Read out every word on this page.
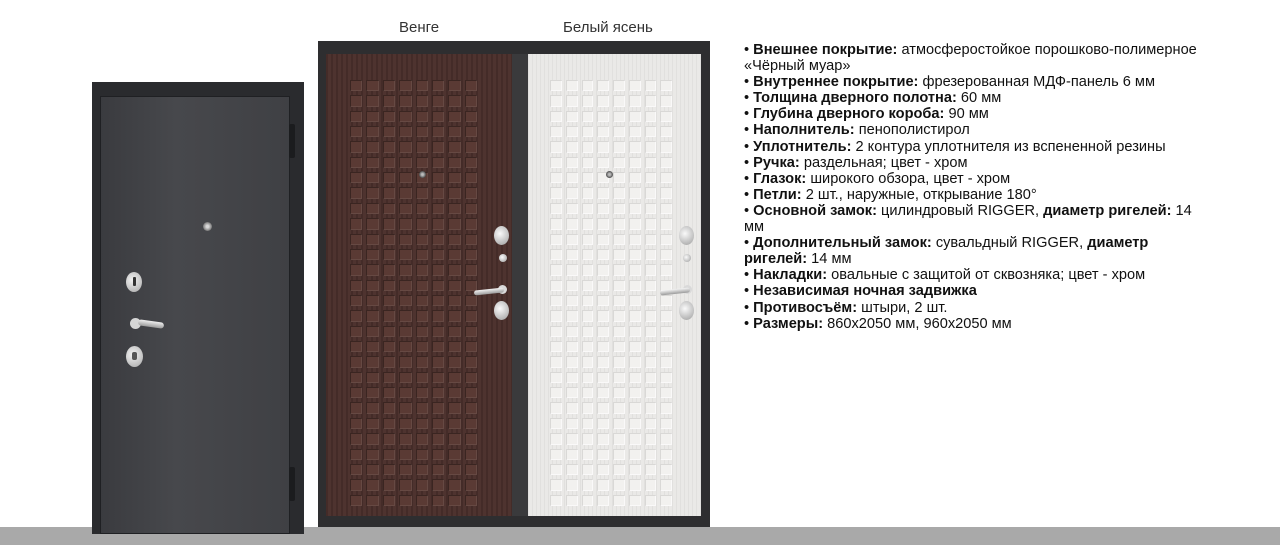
Венге	Белый ясень
• Внешнее покрытие: атмосферостойкое порошково-полимерное «Чёрный муар»
• Внутреннее покрытие: фрезерованная МДФ-панель 6 мм
• Толщина дверного полотна: 60 мм
• Глубина дверного короба: 90 мм
• Наполнитель: пенополистирол
• Уплотнитель: 2 контура уплотнителя из вспененной резины
• Ручка: раздельная; цвет - хром
• Глазок: широкого обзора, цвет - хром
• Петли: 2 шт., наружные, открывание 180°
• Основной замок: цилиндровый RIGGER, диаметр ригелей: 14 мм
• Дополнительный замок: сувальдный RIGGER, диаметр ригелей: 14 мм
• Накладки: овальные с защитой от сквозняка; цвет - хром
• Независимая ночная задвижка
• Противосъём: штыри, 2 шт.
• Размеры: 860х2050 мм, 960х2050 мм
